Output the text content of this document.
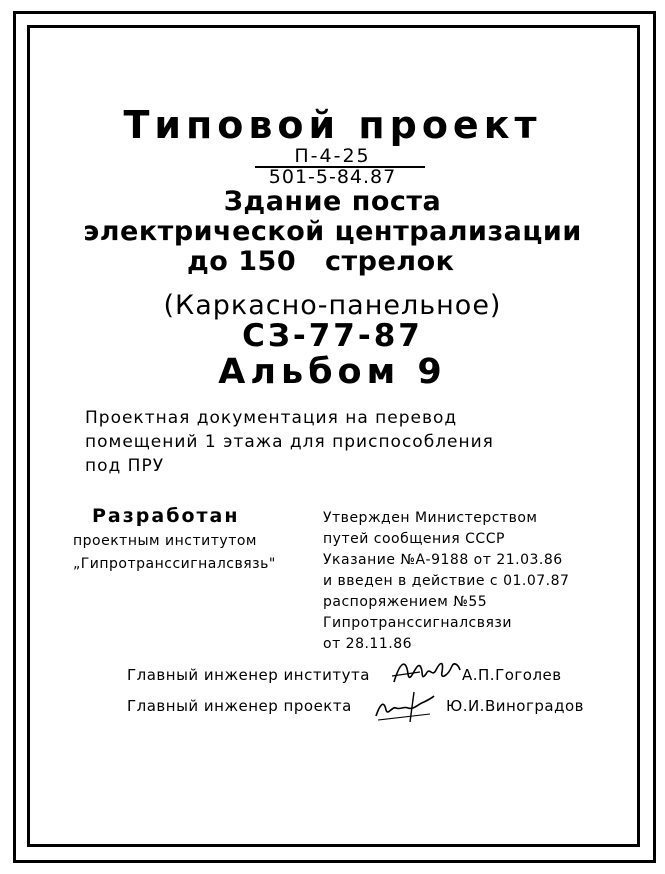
Типовой проект
П-4-25
501-5-84.87
Здание поста
электрической централизации
до 150 стрелок
(Каркасно-панельное)
СЗ-77-87
Альбом 9
Проектная документация на перевод
помещений 1 этажа для приспособления
под ПРУ
Разработан
проектным институтом
„Гипротранссигналсвязь"
Утвержден Министерством
путей сообщения СССР
Указание №А-9188 от 21.03.86
и введен в действие с 01.07.87
распоряжением №55
Гипротранссигналсвязи
от 28.11.86
Главный инженер института	А.П.Гоголев
Главный инженер проекта	Ю.И.Виноградов
